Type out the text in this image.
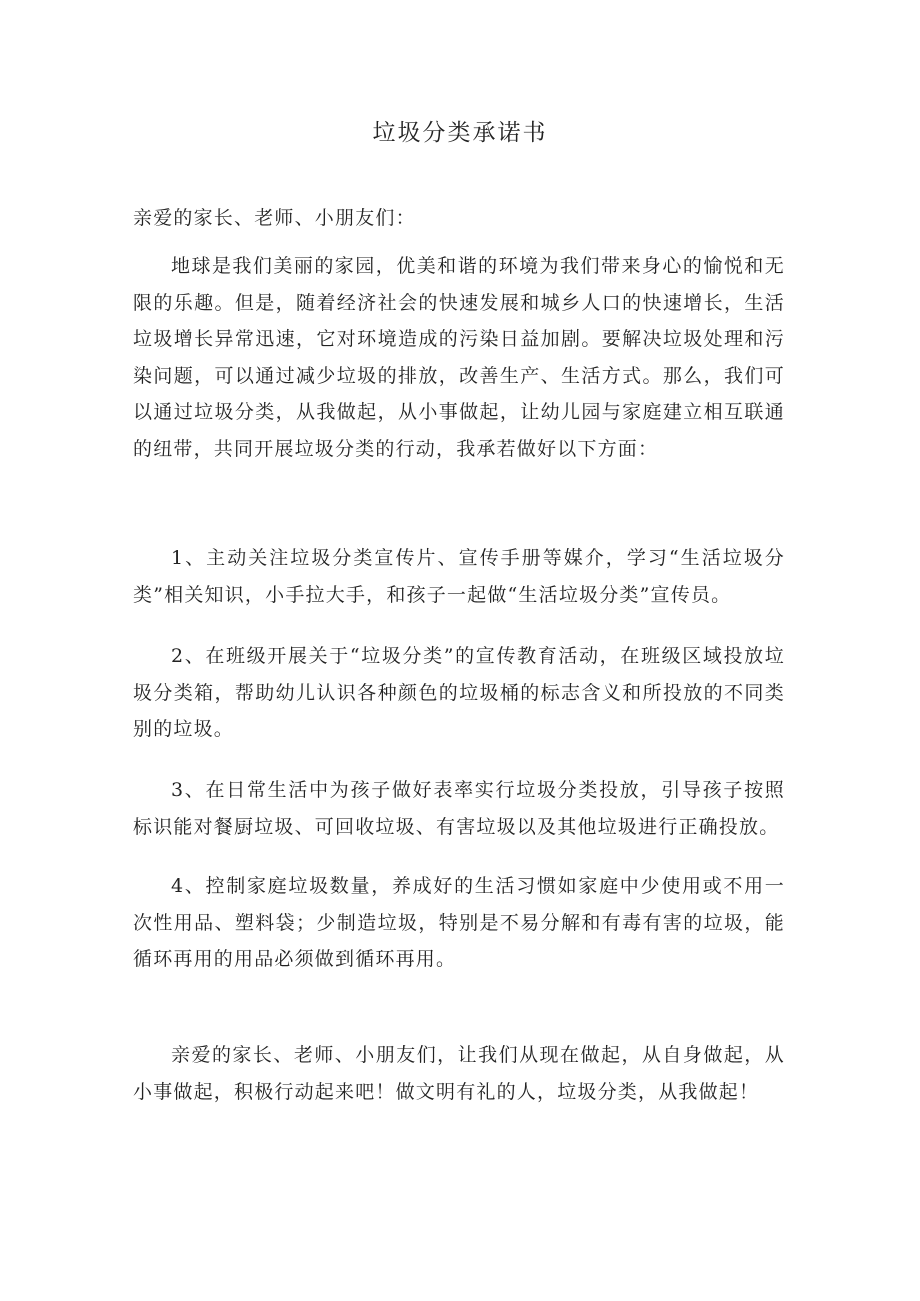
垃圾分类承诺书

亲爱的家长、老师、小朋友们：

地球是我们美丽的家园，优美和谐的环境为我们带来身心的愉悦和无限的乐趣。但是，随着经济社会的快速发展和城乡人口的快速增长，生活垃圾增长异常迅速，它对环境造成的污染日益加剧。要解决垃圾处理和污染问题，可以通过减少垃圾的排放，改善生产、生活方式。那么，我们可以通过垃圾分类，从我做起，从小事做起，让幼儿园与家庭建立相互联通的纽带，共同开展垃圾分类的行动，我承若做好以下方面：

1、主动关注垃圾分类宣传片、宣传手册等媒介，学习“生活垃圾分类”相关知识，小手拉大手，和孩子一起做“生活垃圾分类”宣传员。

2、在班级开展关于“垃圾分类”的宣传教育活动，在班级区域投放垃圾分类箱，帮助幼儿认识各种颜色的垃圾桶的标志含义和所投放的不同类别的垃圾。

3、在日常生活中为孩子做好表率实行垃圾分类投放，引导孩子按照标识能对餐厨垃圾、可回收垃圾、有害垃圾以及其他垃圾进行正确投放。

4、控制家庭垃圾数量，养成好的生活习惯如家庭中少使用或不用一次性用品、塑料袋；少制造垃圾，特别是不易分解和有毒有害的垃圾，能循环再用的用品必须做到循环再用。

亲爱的家长、老师、小朋友们，让我们从现在做起，从自身做起，从小事做起，积极行动起来吧！做文明有礼的人，垃圾分类，从我做起！
